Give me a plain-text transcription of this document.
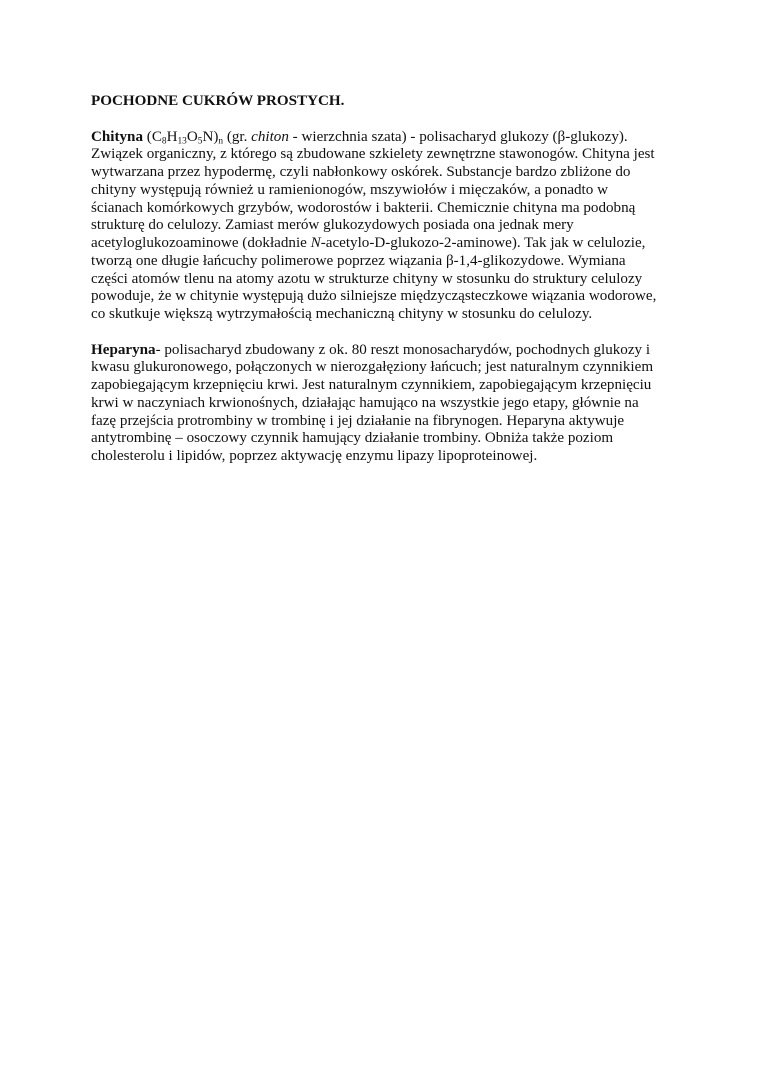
POCHODNE CUKRÓW PROSTYCH.
Chityna $(C_8H_{13}O_5N)_n$ (gr. chiton - wierzchnia szata) - polisacharyd glukozy (β-glukozy).
Związek organiczny, z którego są zbudowane szkielety zewnętrzne stawonogów. Chityna jest
wytwarzana przez hypodermę, czyli nabłonkowy oskórek. Substancje bardzo zbliżone do
chityny występują również u ramienionogów, mszywiołów i mięczaków, a ponadto w
ścianach komórkowych grzybów, wodorostów i bakterii. Chemicznie chityna ma podobną
strukturę do celulozy. Zamiast merów glukozydowych posiada ona jednak mery
acetyloglukozoaminowe (dokładnie N-acetylo-D-glukozo-2-aminowe). Tak jak w celulozie,
tworzą one długie łańcuchy polimerowe poprzez wiązania β-1,4-glikozydowe. Wymiana
części atomów tlenu na atomy azotu w strukturze chityny w stosunku do struktury celulozy
powoduje, że w chitynie występują dużo silniejsze międzycząsteczkowe wiązania wodorowe,
co skutkuje większą wytrzymałością mechaniczną chityny w stosunku do celulozy.
Heparyna- polisacharyd zbudowany z ok. 80 reszt monosacharydów, pochodnych glukozy i
kwasu glukuronowego, połączonych w nierozgałęziony łańcuch; jest naturalnym czynnikiem
zapobiegającym krzepnięciu krwi. Jest naturalnym czynnikiem, zapobiegającym krzepnięciu
krwi w naczyniach krwionośnych, działając hamująco na wszystkie jego etapy, głównie na
fazę przejścia protrombiny w trombinę i jej działanie na fibrynogen. Heparyna aktywuje
antytrombinę – osoczowy czynnik hamujący działanie trombiny. Obniża także poziom
cholesterolu i lipidów, poprzez aktywację enzymu lipazy lipoproteinowej.
